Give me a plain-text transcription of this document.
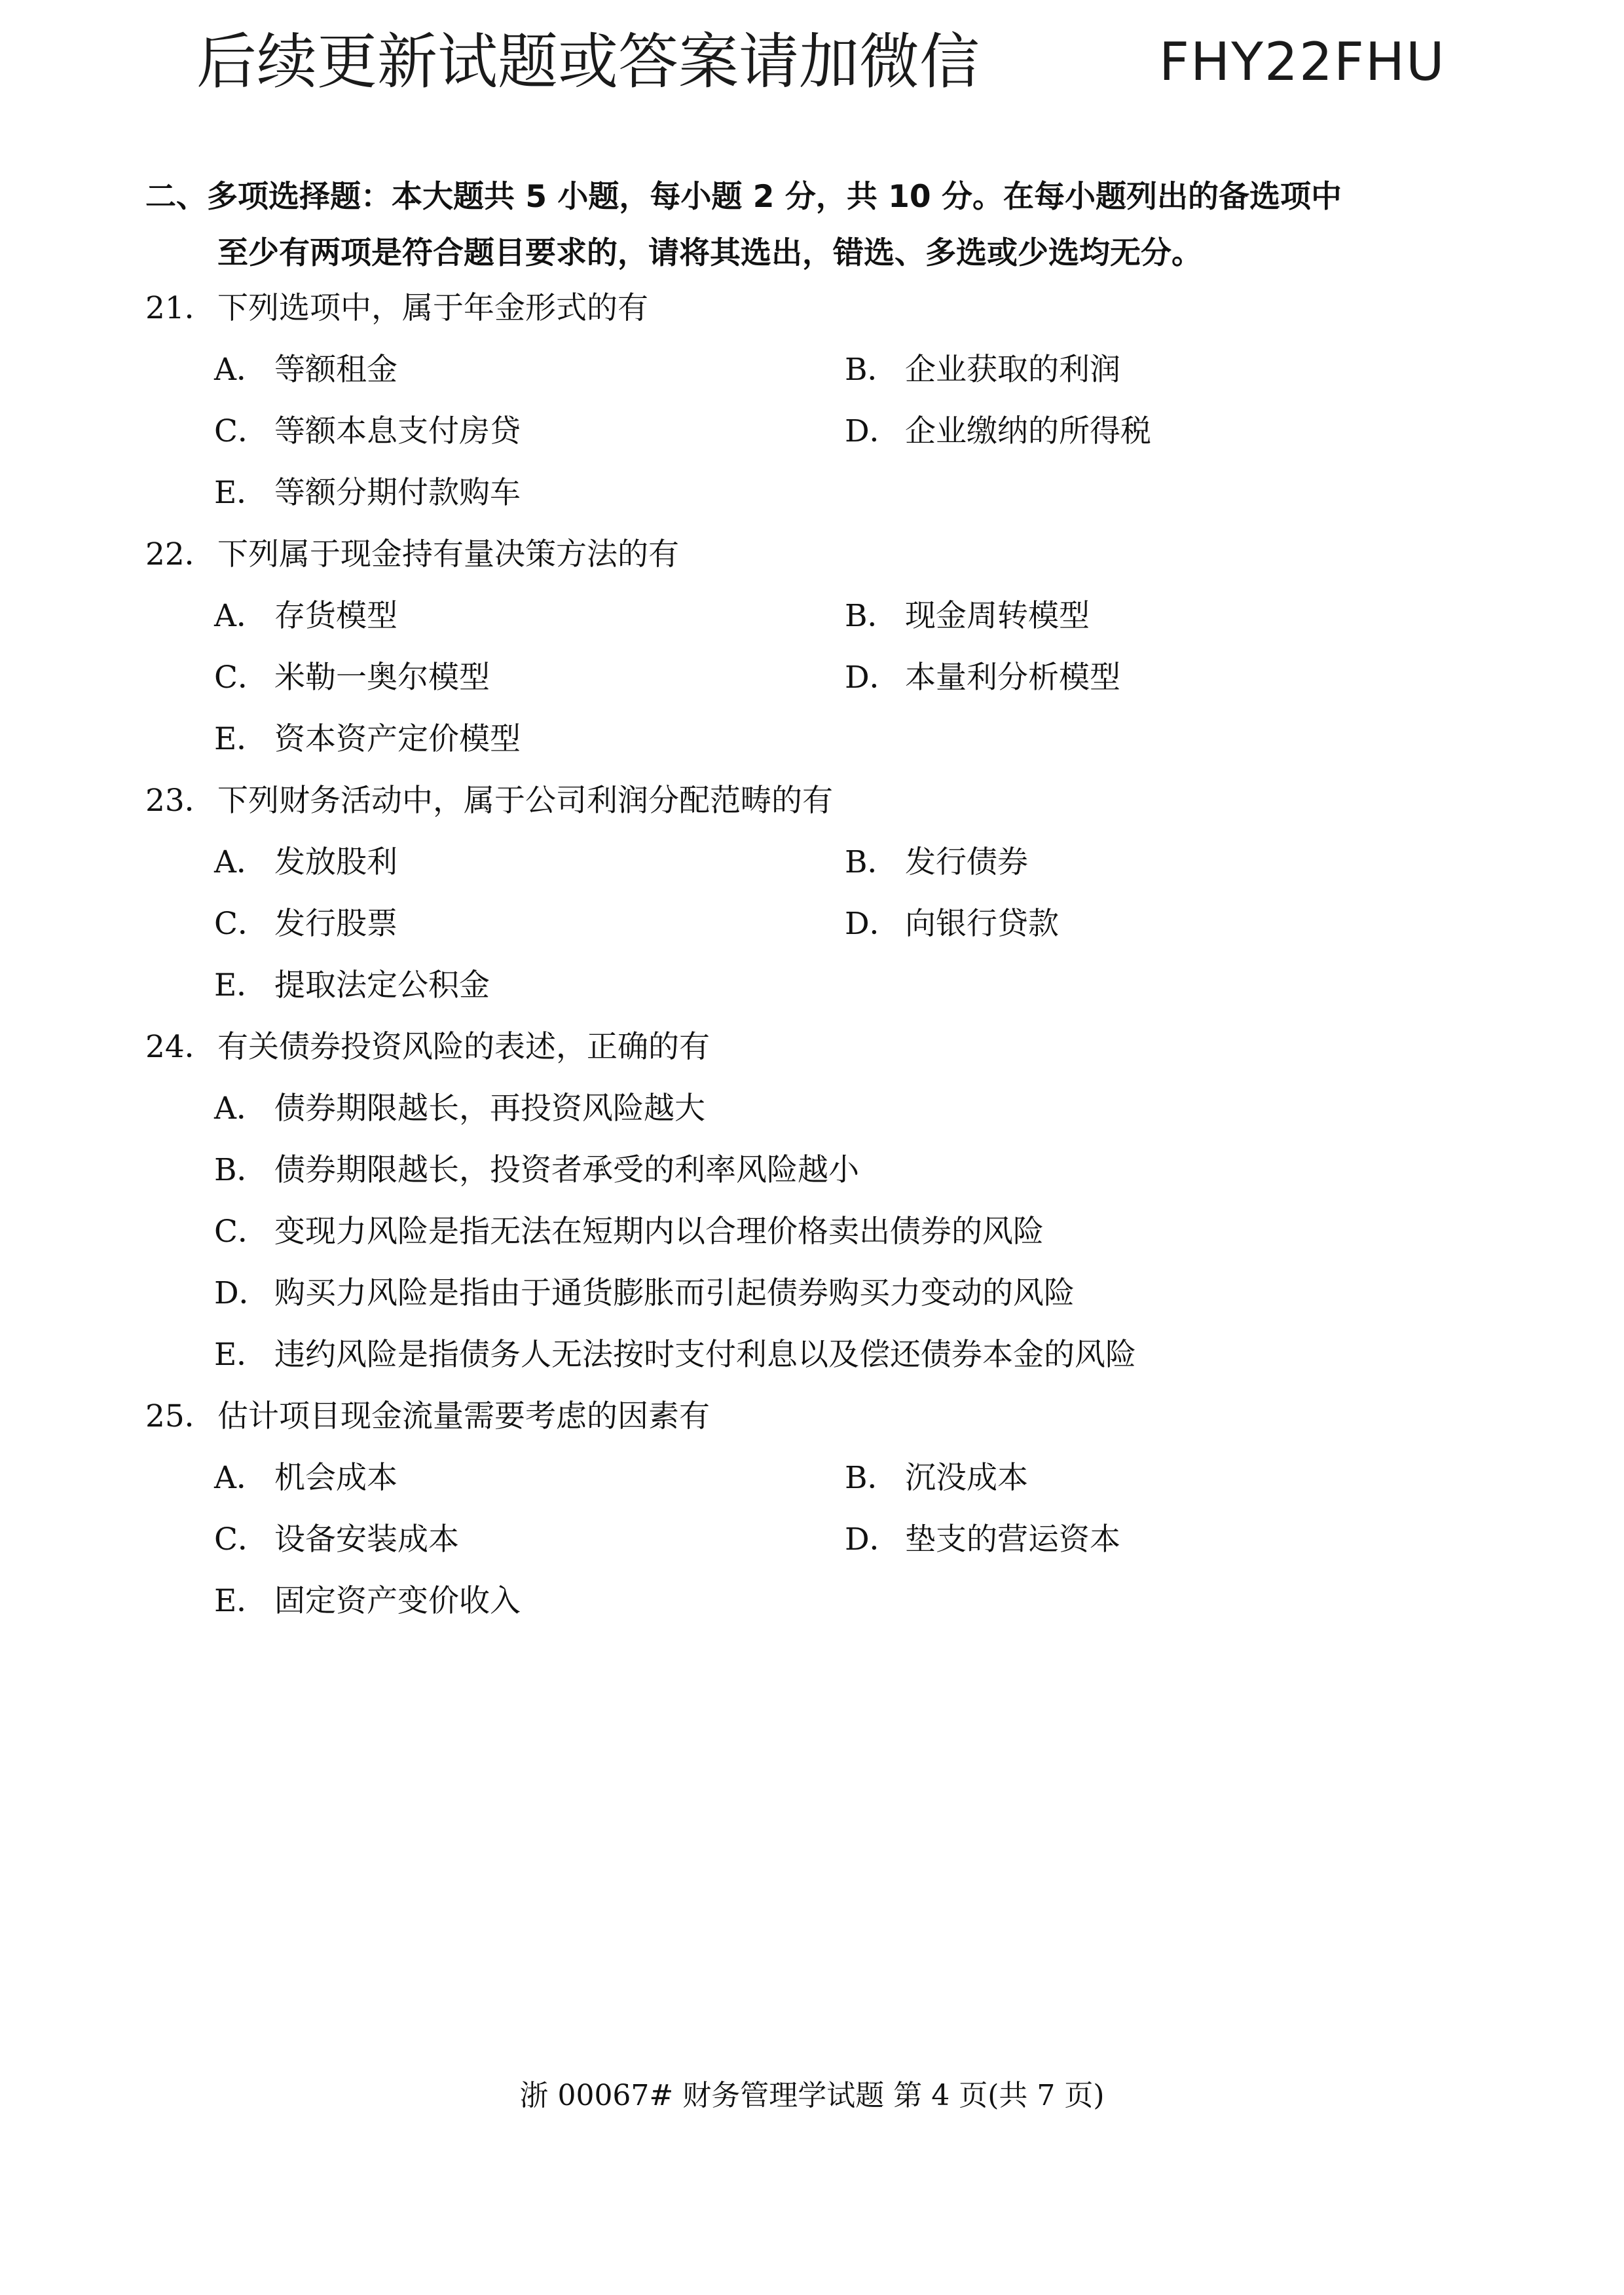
后续更新试题或答案请加微信	FHY22FHU
二、多项选择题：本大题共 5 小题，每小题 2 分，共 10 分。在每小题列出的备选项中
至少有两项是符合题目要求的，请将其选出，错选、多选或少选均无分。
21．下列选项中，属于年金形式的有
A． 等额租金	B． 企业获取的利润
C． 等额本息支付房贷	D． 企业缴纳的所得税
E． 等额分期付款购车
22．下列属于现金持有量决策方法的有
A． 存货模型	B． 现金周转模型
C． 米勒一奥尔模型	D． 本量利分析模型
E． 资本资产定价模型
23．下列财务活动中，属于公司利润分配范畴的有
A． 发放股利	B． 发行债券
C． 发行股票	D． 向银行贷款
E． 提取法定公积金
24．有关债券投资风险的表述，正确的有
A． 债券期限越长，再投资风险越大
B． 债券期限越长，投资者承受的利率风险越小
C． 变现力风险是指无法在短期内以合理价格卖出债券的风险
D． 购买力风险是指由于通货膨胀而引起债券购买力变动的风险
E． 违约风险是指债务人无法按时支付利息以及偿还债券本金的风险
25．估计项目现金流量需要考虑的因素有
A． 机会成本	B． 沉没成本
C． 设备安装成本	D． 垫支的营运资本
E． 固定资产变价收入
浙 00067# 财务管理学试题 第 4 页(共 7 页)
